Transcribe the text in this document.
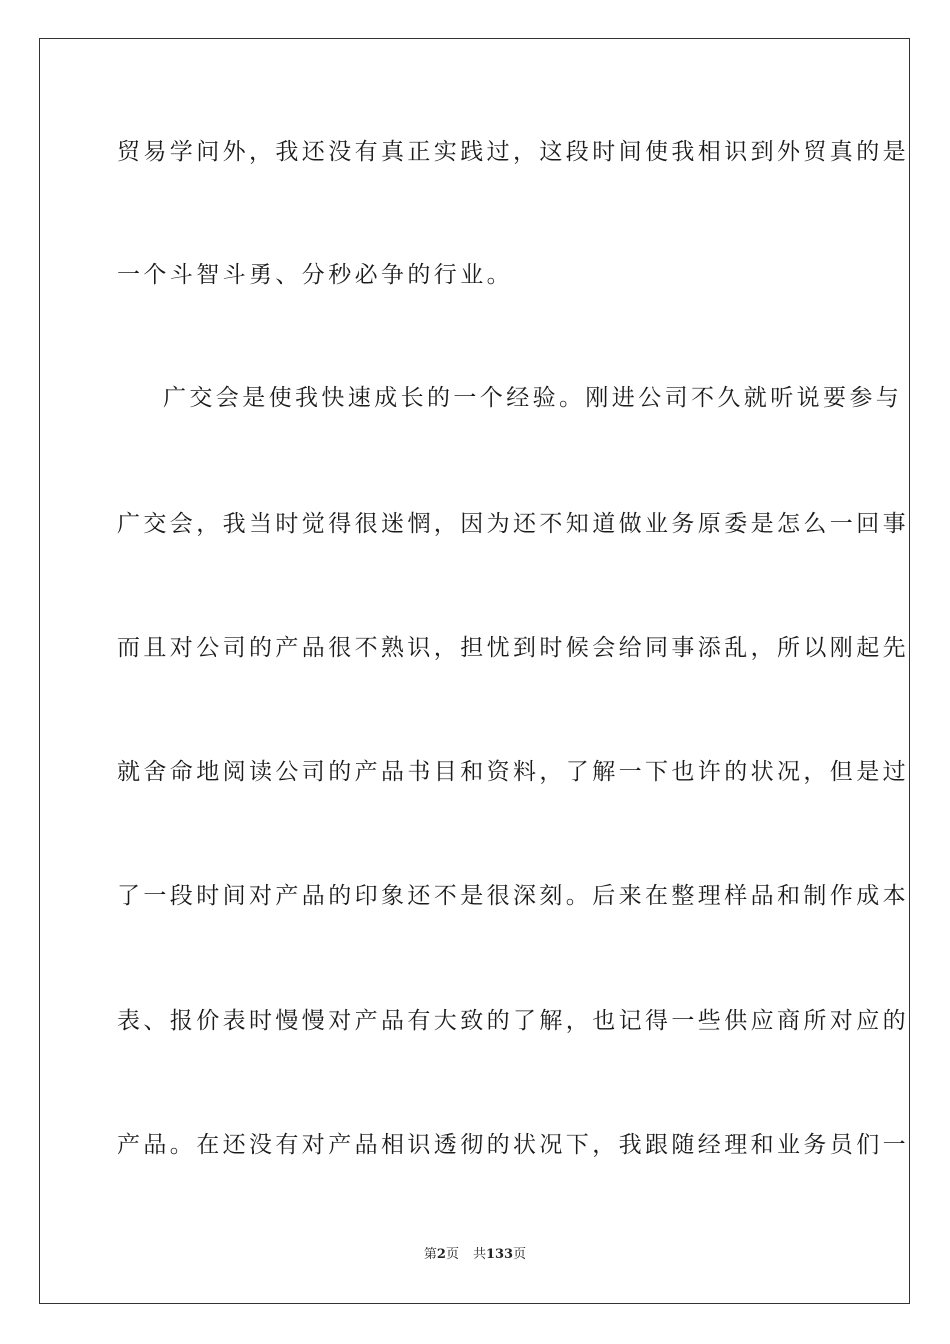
贸易学问外，我还没有真正实践过，这段时间使我相识到外贸真的是
一个斗智斗勇、分秒必争的行业。
广交会是使我快速成长的一个经验。刚进公司不久就听说要参与
广交会，我当时觉得很迷惘，因为还不知道做业务原委是怎么一回事
而且对公司的产品很不熟识，担忧到时候会给同事添乱，所以刚起先
就舍命地阅读公司的产品书目和资料，了解一下也许的状况，但是过
了一段时间对产品的印象还不是很深刻。后来在整理样品和制作成本
表、报价表时慢慢对产品有大致的了解，也记得一些供应商所对应的
产品。在还没有对产品相识透彻的状况下，我跟随经理和业务员们一
第2页 共133页
